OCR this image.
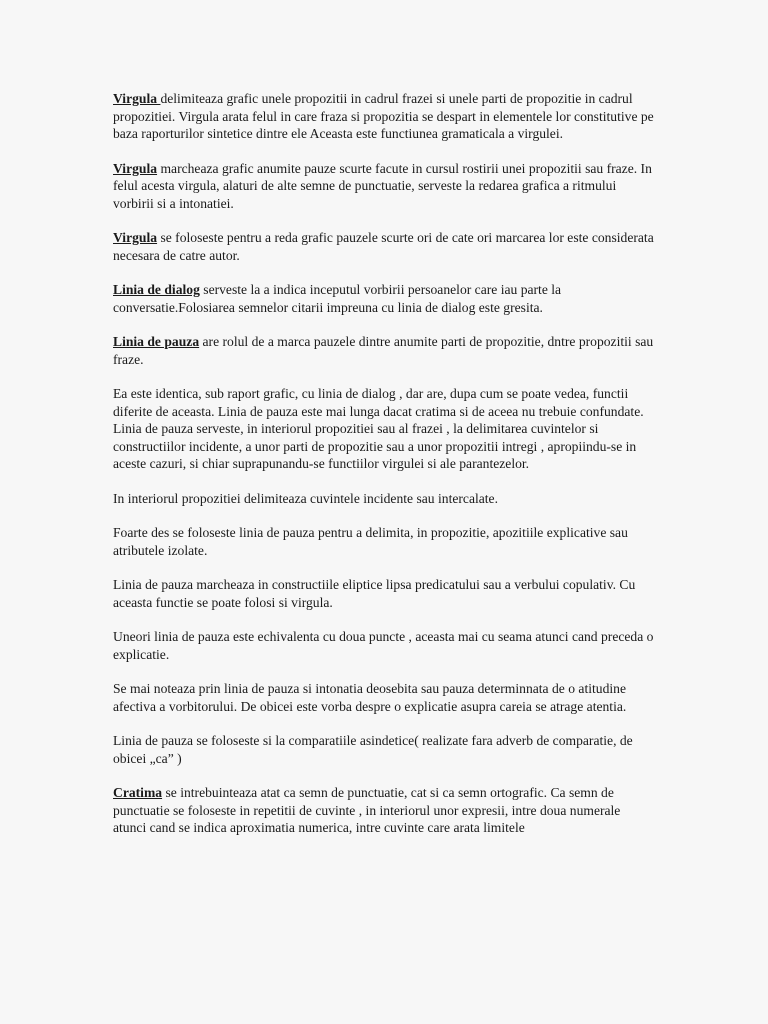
Virgula delimiteaza grafic unele propozitii in cadrul frazei si unele parti de propozitie in cadrul propozitiei. Virgula arata felul in care fraza si propozitia se despart in elementele lor constitutive pe baza raporturilor sintetice dintre ele Aceasta este functiunea gramaticala a virgulei.

Virgula marcheaza grafic anumite pauze scurte facute in cursul rostirii unei propozitii sau fraze. In felul acesta virgula, alaturi de alte semne de punctuatie, serveste la redarea grafica a ritmului vorbirii si a intonatiei.

Virgula se foloseste pentru a reda grafic pauzele scurte ori de cate ori marcarea lor este considerata necesara de catre autor.

Linia de dialog serveste la a indica inceputul vorbirii persoanelor care iau parte la conversatie.Folosiarea semnelor citarii impreuna cu linia de dialog este gresita.

Linia de pauza are rolul de a marca pauzele dintre anumite parti de propozitie, dntre propozitii sau fraze.

Ea este identica, sub raport grafic, cu linia de dialog , dar are, dupa cum se poate vedea, functii diferite de aceasta. Linia de pauza este mai lunga dacat cratima si de aceea nu trebuie confundate. Linia de pauza serveste, in interiorul propozitiei sau al frazei , la delimitarea cuvintelor si constructiilor incidente, a unor parti de propozitie sau a unor propozitii intregi , apropiindu-se in aceste cazuri, si chiar suprapunandu-se functiilor virgulei si ale parantezelor.

In interiorul propozitiei delimiteaza cuvintele incidente sau intercalate.

Foarte des se foloseste linia de pauza pentru a delimita, in propozitie, apozitiile explicative sau atributele izolate.

Linia de pauza marcheaza in constructiile eliptice lipsa predicatului sau a verbului copulativ. Cu aceasta functie se poate folosi si virgula.

Uneori linia de pauza este echivalenta cu doua puncte , aceasta mai cu seama atunci cand preceda o explicatie.

Se mai noteaza prin linia de pauza si intonatia deosebita sau pauza determinnata de o atitudine afectiva a vorbitorului. De obicei este vorba despre o explicatie asupra careia se atrage atentia.

Linia de pauza se foloseste si la comparatiile asindetice( realizate fara adverb de comparatie, de obicei „ca” )

Cratima se intrebuinteaza atat ca semn de punctuatie, cat si ca semn ortografic. Ca semn de punctuatie se foloseste in repetitii de cuvinte , in interiorul unor expresii, intre doua numerale atunci cand se indica aproximatia numerica, intre cuvinte care arata limitele
